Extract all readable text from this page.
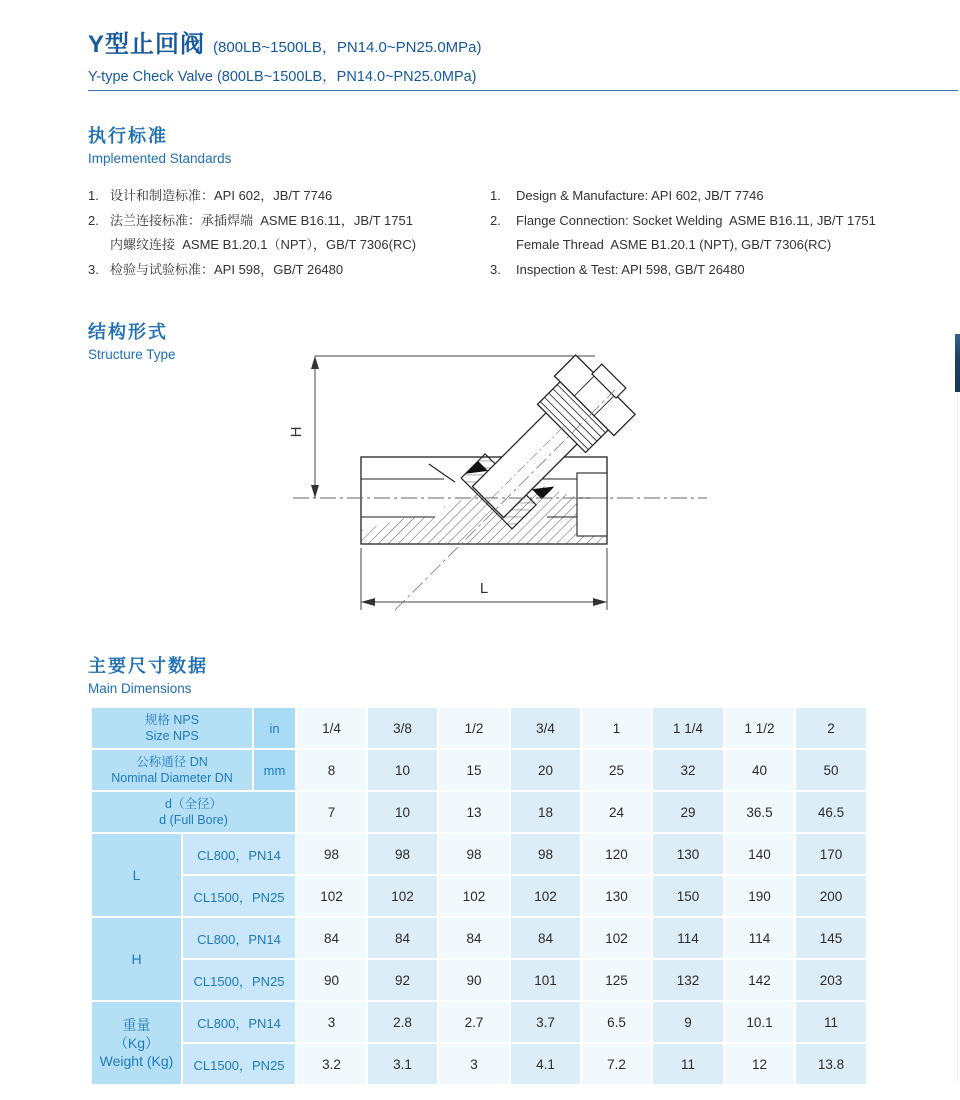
Y型止回阀 (800LB~1500LB，PN14.0~PN25.0MPa)
Y-type Check Valve (800LB~1500LB，PN14.0~PN25.0MPa)
执行标准
Implemented Standards
1. 设计和制造标准：API 602，JB/T 7746
2. 法兰连接标准：承插焊端  ASME B16.11，JB/T 1751
内螺纹连接  ASME B1.20.1（NPT），GB/T 7306(RC)
3. 检验与试验标准：API 598，GB/T 26480
1.	Design & Manufacture: API 602, JB/T 7746
2.	Flange Connection: Socket Welding  ASME B16.11, JB/T 1751
Female Thread  ASME B1.20.1 (NPT), GB/T 7306(RC)
3.	Inspection & Test: API 598, GB/T 26480
结构形式
Structure Type
H
L
主要尺寸数据
Main Dimensions
规格 NPS
Size NPS		in	1/4	3/8	1/2	3/4	1	1 1/4	1 1/2	2

公称通径 DN
Nominal Diameter DN		mm	8	10	15	20	25	32	40	50

d（全径）
d (Full Bore)			7	10	13	18	24	29	36.5	46.5

L	CL800，PN14		98	98	98	98	120	130	140	170
	CL1500，PN25		102	102	102	102	130	150	190	200

H	CL800，PN14		84	84	84	84	102	114	114	145
	CL1500，PN25		90	92	90	101	125	132	142	203

重量
（Kg）
Weight (Kg)	CL800，PN14		3	2.8	2.7	3.7	6.5	9	10.1	11
	CL1500，PN25		3.2	3.1	3	4.1	7.2	11	12	13.8
